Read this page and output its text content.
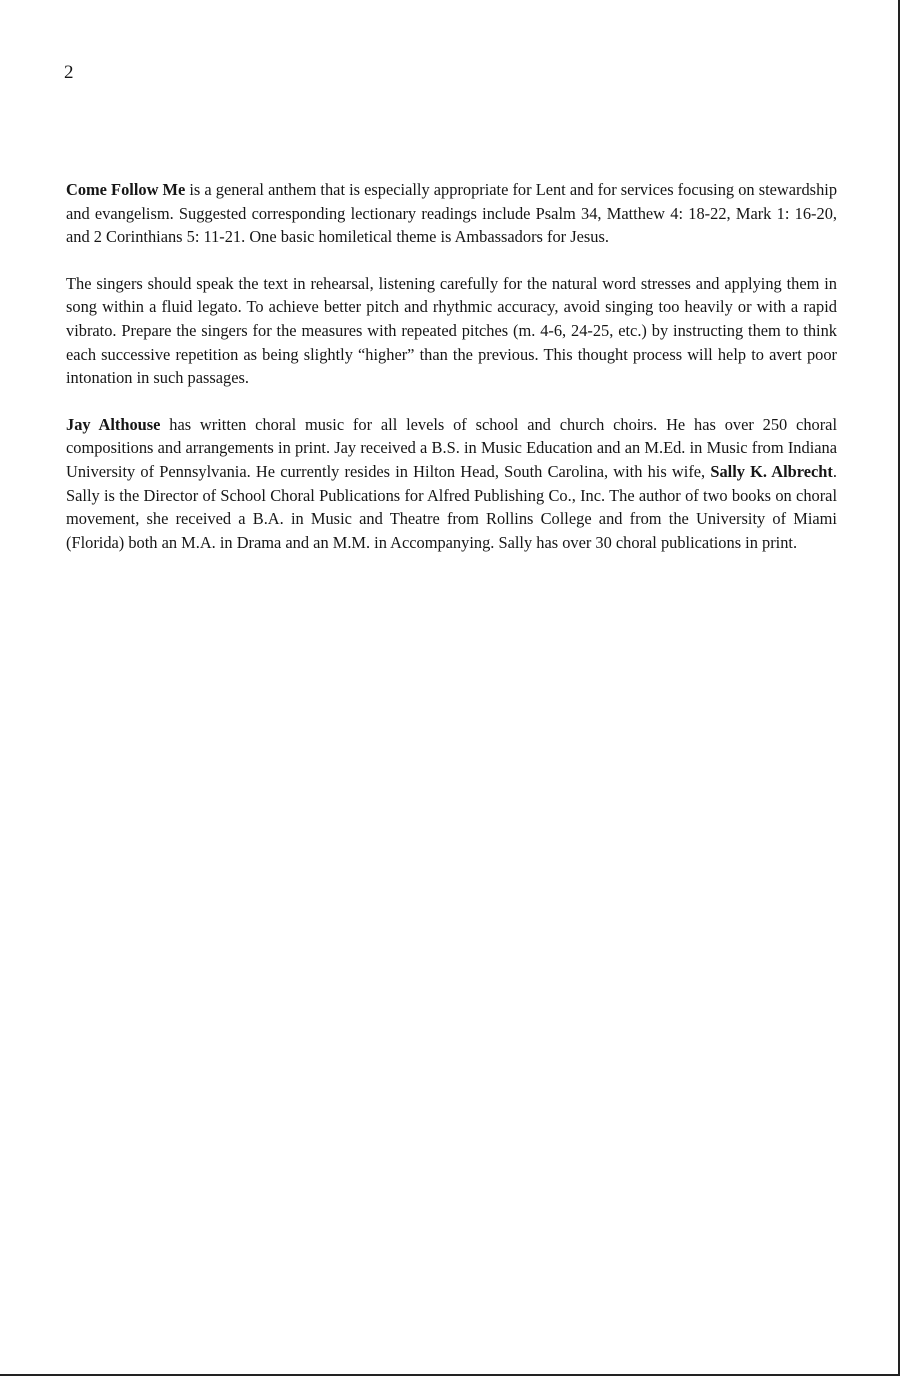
2

Come Follow Me is a general anthem that is especially appropriate for Lent and for services focusing on stewardship and evangelism. Suggested corresponding lectionary readings include Psalm 34, Matthew 4: 18-22, Mark 1: 16-20, and 2 Corinthians 5: 11-21. One basic homiletical theme is Ambassadors for Jesus.

The singers should speak the text in rehearsal, listening carefully for the natural word stresses and applying them in song within a fluid legato. To achieve better pitch and rhythmic accuracy, avoid singing too heavily or with a rapid vibrato. Prepare the singers for the measures with repeated pitches (m. 4-6, 24-25, etc.) by instructing them to think each successive repetition as being slightly “higher” than the previous. This thought process will help to avert poor intonation in such passages.

Jay Althouse has written choral music for all levels of school and church choirs. He has over 250 choral compositions and arrangements in print. Jay received a B.S. in Music Education and an M.Ed. in Music from Indiana University of Pennsylvania. He currently resides in Hilton Head, South Carolina, with his wife, Sally K. Albrecht. Sally is the Director of School Choral Publications for Alfred Publishing Co., Inc. The author of two books on choral movement, she received a B.A. in Music and Theatre from Rollins College and from the University of Miami (Florida) both an M.A. in Drama and an M.M. in Accompanying. Sally has over 30 choral publications in print.
